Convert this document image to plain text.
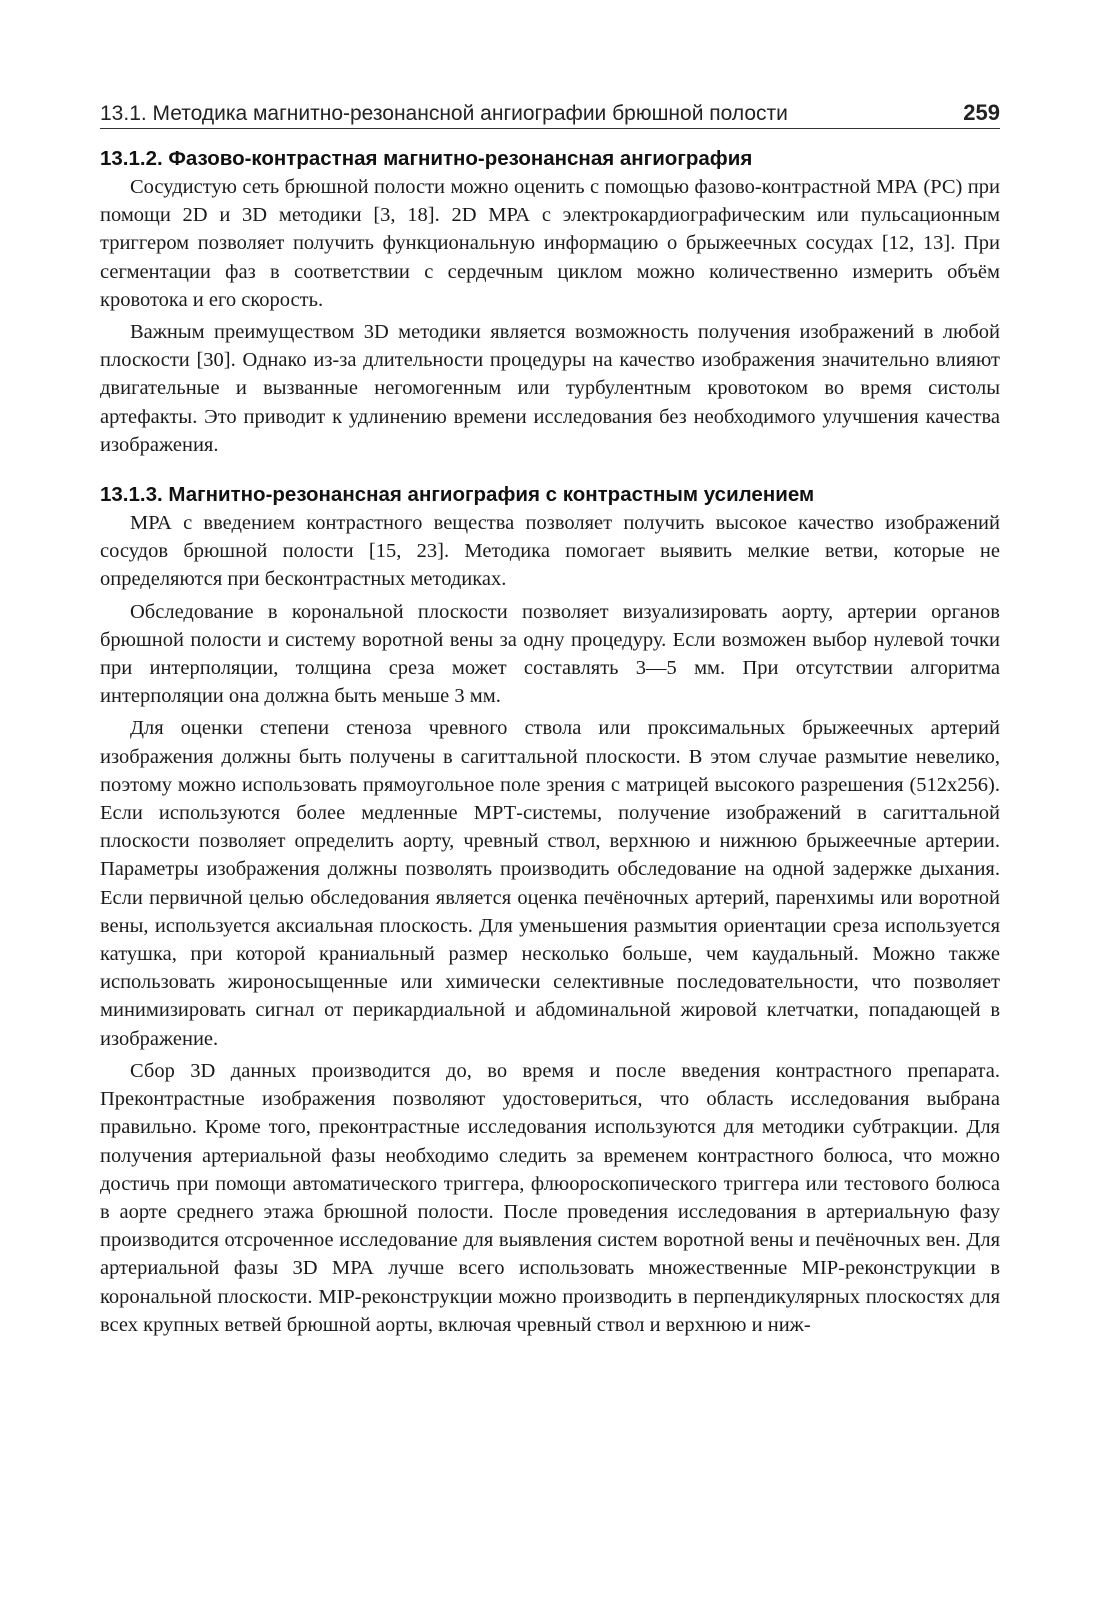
13.1. Методика магнитно-резонансной ангиографии брюшной полости	259
13.1.2. Фазово-контрастная магнитно-резонансная ангиография

Сосудистую сеть брюшной полости можно оценить с помощью фазово-контрастной МРА (РС) при помощи 2D и 3D методики [3, 18]. 2D МРА с электрокардиографическим или пульсационным триггером позволяет получить функциональную информацию о брыжеечных сосудах [12, 13]. При сегментации фаз в соответствии с сердечным циклом можно количественно измерить объём кровотока и его скорость.

Важным преимуществом 3D методики является возможность получения изображений в любой плоскости [30]. Однако из-за длительности процедуры на качество изображения значительно влияют двигательные и вызванные негомогенным или турбулентным кровотоком во время систолы артефакты. Это приводит к удлинению времени исследования без необходимого улучшения качества изображения.

13.1.3. Магнитно-резонансная ангиография с контрастным усилением

МРА с введением контрастного вещества позволяет получить высокое качество изображений сосудов брюшной полости [15, 23]. Методика помогает выявить мелкие ветви, которые не определяются при бесконтрастных методиках.

Обследование в корональной плоскости позволяет визуализировать аорту, артерии органов брюшной полости и систему воротной вены за одну процедуру. Если возможен выбор нулевой точки при интерполяции, толщина среза может составлять 3—5 мм. При отсутствии алгоритма интерполяции она должна быть меньше 3 мм.

Для оценки степени стеноза чревного ствола или проксимальных брыжеечных артерий изображения должны быть получены в сагиттальной плоскости. В этом случае размытие невелико, поэтому можно использовать прямоугольное поле зрения с матрицей высокого разрешения (512х256). Если используются более медленные МРТ-системы, получение изображений в сагиттальной плоскости позволяет определить аорту, чревный ствол, верхнюю и нижнюю брыжеечные артерии. Параметры изображения должны позволять производить обследование на одной задержке дыхания. Если первичной целью обследования является оценка печёночных артерий, паренхимы или воротной вены, используется аксиальная плоскость. Для уменьшения размытия ориентации среза используется катушка, при которой краниальный размер несколько больше, чем каудальный. Можно также использовать жироносыщенные или химически селективные последовательности, что позволяет минимизировать сигнал от перикардиальной и абдоминальной жировой клетчатки, попадающей в изображение.

Сбор 3D данных производится до, во время и после введения контрастного препарата. Преконтрастные изображения позволяют удостовериться, что область исследования выбрана правильно. Кроме того, преконтрастные исследования используются для методики субтракции. Для получения артериальной фазы необходимо следить за временем контрастного болюса, что можно достичь при помощи автоматического триггера, флюороскопического триггера или тестового болюса в аорте среднего этажа брюшной полости. После проведения исследования в артериальную фазу производится отсроченное исследование для выявления систем воротной вены и печёночных вен. Для артериальной фазы 3D МРА лучше всего использовать множественные MIP-реконструкции в корональной плоскости. MIP-реконструкции можно производить в перпендикулярных плоскостях для всех крупных ветвей брюшной аорты, включая чревный ствол и верхнюю и ниж-
